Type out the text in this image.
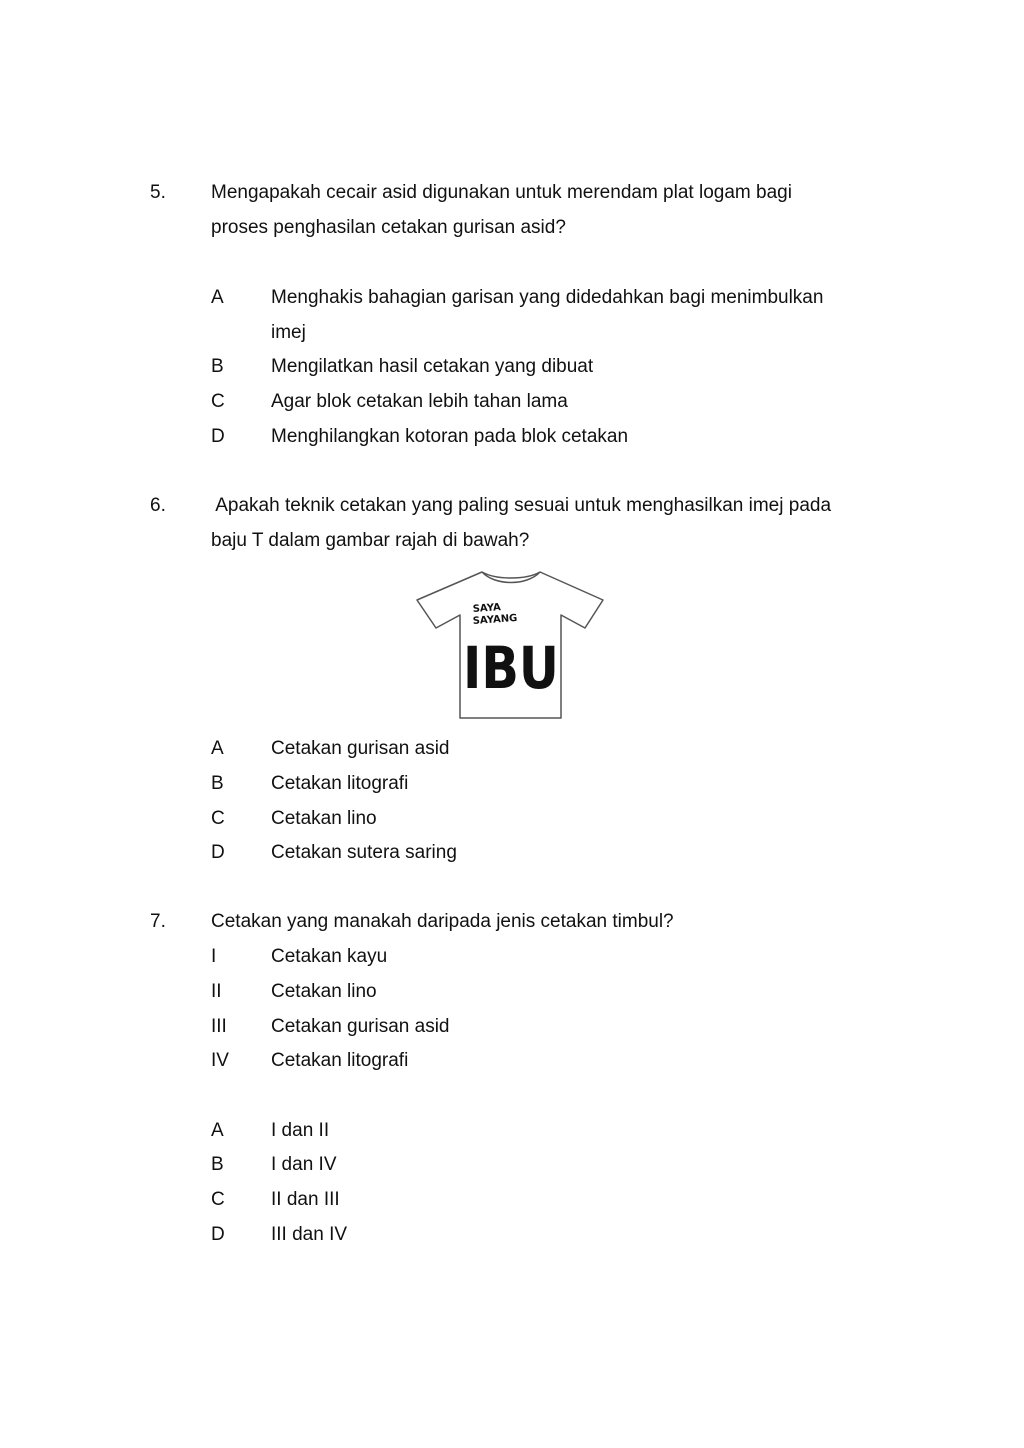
5. Mengapakah cecair asid digunakan untuk merendam plat logam bagi
proses penghasilan cetakan gurisan asid?
A Menghakis bahagian garisan yang didedahkan bagi menimbulkan
imej
B Mengilatkan hasil cetakan yang dibuat
C Agar blok cetakan lebih tahan lama
D Menghilangkan kotoran pada blok cetakan
6. Apakah teknik cetakan yang paling sesuai untuk menghasilkan imej pada
baju T dalam gambar rajah di bawah?
SAYA
SAYANG
IBU
A Cetakan gurisan asid
B Cetakan litografi
C Cetakan lino
D Cetakan sutera saring
7. Cetakan yang manakah daripada jenis cetakan timbul?
I	Cetakan kayu
II	Cetakan lino
III Cetakan gurisan asid
IV Cetakan litografi
A I dan II
B I dan IV
C II dan III
D III dan IV
